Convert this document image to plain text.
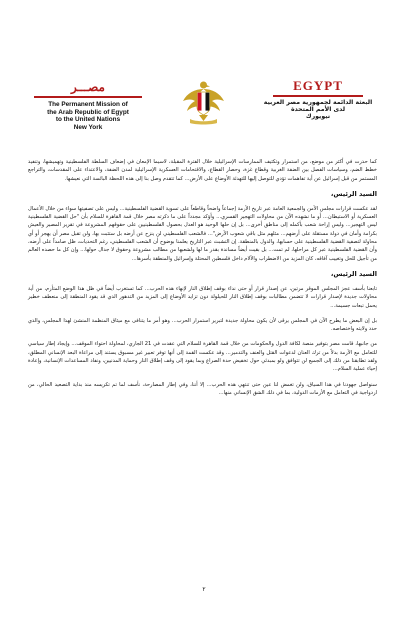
مصـــر
The Permanent Mission of
the Arab Republic of Egypt
to the United Nations
New York
EGYPT
البعثة الدائمة لجمهورية مصر العربية
لدى الأمم المتحدة
نيويورك

كما حذرت في أكثر من موضع، من استمرار وتكثيف الممارسات الإسرائيلية خلال الفترة المقبلة، لاسيما الإمعان في إضعاف السلطة الفلسطينية وتهميشها، وتنفيذ خطط الضم، وسياسات الفصل بين الضفة الغربية وقطاع غزة، وحصار القطاع، والاقتحامات العسكرية الإسرائيلية لمدن الضفة، والاعتداء على المقدسات، والتراجع المستمر من قبل إسرائيل عن أية تفاهمات تؤدي للتوصل إليها للتهدئة الأوضاع على الأرض... كما تتقدم وصل بنا إلى هذه اللحظة البائسة التي نعيشها.

السيد الرئيس،

لقد عكست قرارات مجلس الأمن والجمعية العامة عبر تاريخ الأزمة إجماعاً واضحاً وقاطعاً على تسوية القضية الفلسطينية... وليس على تصفيتها سواء من خلال الأعمال العسكرية أو الاستيطان... أو ما نشهده الآن من محاولات التهجير القسري... وأؤكد مجدداً على ما ذكرته مصر خلال قمة القاهرة للسلام بأن "حل القضية الفلسطينية ليس التهجير... وليس إزاحة شعب بأكمله إلى مناطق أخرى... بل إن حلها الوحيد هو العدل بحصول الفلسطينيين على حقوقهم المشروعة في تقرير المصير والعيش بكرامة وأمان في دولة مستقلة على أرضهم... مثلهم مثل باقي شعوب الأرض"... فالشعب الفلسطيني لن ينزح عن أرضه بل ستثبت بها، ولن تقبل مصر أن يهجر أو أي محاولة لتصفية القضية الفلسطينية على حسابها، والدول بالمنطقة. إن التشبث عبر التاريخ يعلمنا بوضوح أن الشعب الفلسطيني، رغم التحديات، ظل صامداً على أرضه، وأن القضية الفلسطينية عبر كل مراحلها، لم تمت... بل بقيت أيضاً مساندة بقدر ما لها ولشعبها من مطالب مشروعة وحقوق لا جدال حولها... وإن كل ما حصده العالم من تأجيل للحل وتغييب آفاقه، كان المزيد من الاضطراب والآلام داخل فلسطين المحتلة وإسرائيل والمنطقة بأسرها...

السيد الرئيس،

تابعنا بأسف عجز المجلس الموقر مرتين، عن إصدار قرار أو حتى نداء بوقف إطلاق النار لإنهاء هذه الحرب... كما تستغرب أيضاً في ظل هذا الوضع المتأزم، من أية محاولات جديدة لإصدار قرارات لا تتضمن مطالبات بوقف إطلاق النار للحيلولة دون تزايد الأوضاع إلى المزيد من التدهور الذي قد يقود المنطقة إلى منعطف خطير يحمل تبعات جسيمة...

بل إن البعض ما يطرح الآن في المجلس يرقى لأن يكون محاولة جديدة لتبرير استمرار الحرب... وهو أمر ما يتنافى مع ميثاق المنظمة المنشئ لهذا المجلس، والذي حدد ولايته واختصاصه.

من جانبها، قامت مصر بتوفير منصة لكافة الدول والحكومات من خلال قمة القاهرة للسلام التي عقدت في 21 الجاري، لمحاولة احتواء الموقف... وإيجاد إطار سياسي للتعامل مع الأزمة بدلاً من ترك العنان لدعوات القتل والعنف والتدمير... وقد عكست القمة إلى أنها توفر تعبير غير مسبوق يستند إلى مراعاة البعد الإنساني المطلق، ولقد تطابقنا من ذلك إلى الجميع لن تتوافق ولو بمبدئي حول تخفيض حدة الصراع وبما يقود إلى وقف إطلاق النار وحماية المدنيين، ونفاذ المساعدات الإنسانية، وإعادة إحياء عملية السلام...

سنواصل جهودنا في هذا السياق، ولن تغمض لنا عين حتى تنتهي هذه الحرب... إلا أننا، وفي إطار المصارحة، نأسف لما تم تكريسه منذ بداية التصعيد الحالي، من ازدواجية في التعامل مع الأزمات الدولية، بما في ذلك الشق الإنساني منها...

٢
